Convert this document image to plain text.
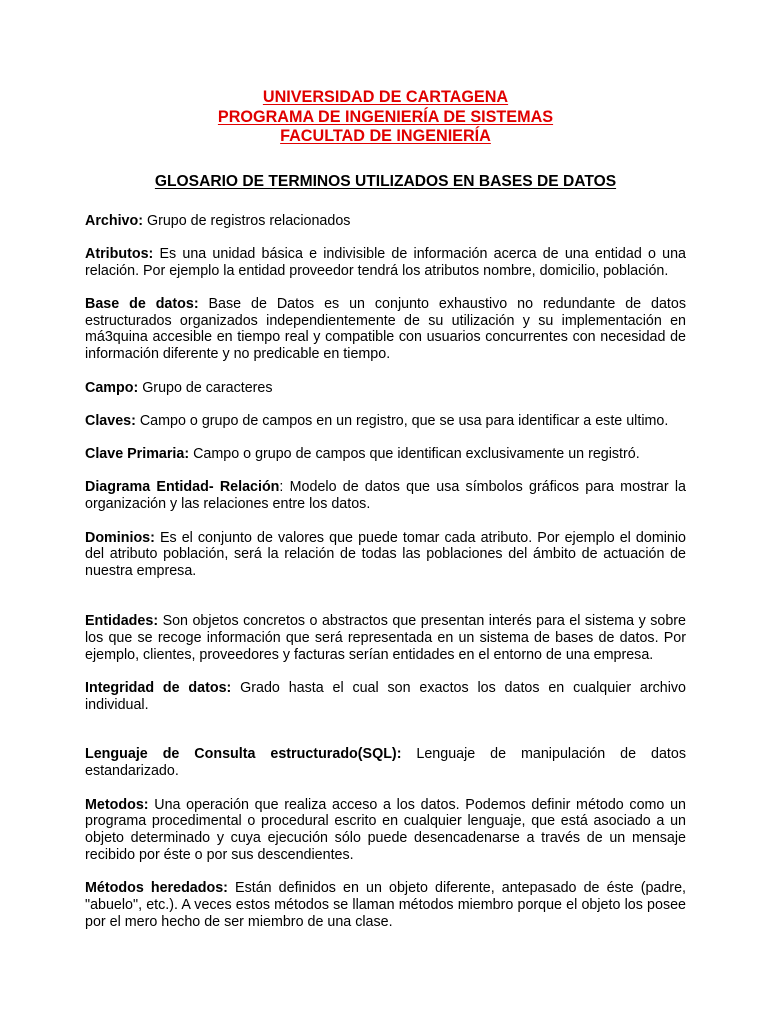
UNIVERSIDAD DE CARTAGENA

PROGRAMA DE INGENIERÍA DE SISTEMAS

FACULTAD DE INGENIERÍA

GLOSARIO DE TERMINOS UTILIZADOS EN BASES DE DATOS

Archivo: Grupo de registros relacionados

Atributos: Es una unidad básica e indivisible de información acerca de una entidad o una relación. Por ejemplo la entidad proveedor tendrá los atributos nombre, domicilio, población.

Base de datos: Base de Datos es un conjunto exhaustivo no redundante de datos estructurados organizados independientemente de su utilización y su implementación en má3quina accesible en tiempo real y compatible con usuarios concurrentes con necesidad de información diferente y no predicable en tiempo.

Campo: Grupo de caracteres

Claves: Campo o grupo de campos en un registro, que se usa para identificar a este ultimo.

Clave Primaria: Campo o grupo de campos que identifican exclusivamente un registró.

Diagrama Entidad- Relación: Modelo de datos que usa símbolos gráficos para mostrar la organización y las relaciones entre los datos.

Dominios: Es el conjunto de valores que puede tomar cada atributo. Por ejemplo el dominio del atributo población, será la relación de todas las poblaciones del ámbito de actuación de nuestra empresa.

Entidades: Son objetos concretos o abstractos que presentan interés para el sistema y sobre los que se recoge información que será representada en un sistema de bases de datos. Por ejemplo, clientes, proveedores y facturas serían entidades en el entorno de una empresa.

Integridad de datos: Grado hasta el cual son exactos los datos en cualquier archivo individual.

Lenguaje de Consulta estructurado(SQL): Lenguaje de manipulación de datos estandarizado.

Metodos: Una operación que realiza acceso a los datos. Podemos definir método como un programa procedimental o procedural escrito en cualquier lenguaje, que está asociado a un objeto determinado y cuya ejecución sólo puede desencadenarse a través de un mensaje recibido por éste o por sus descendientes.

Métodos heredados: Están definidos en un objeto diferente, antepasado de éste (padre, "abuelo", etc.). A veces estos métodos se llaman métodos miembro porque el objeto los posee por el mero hecho de ser miembro de una clase.
